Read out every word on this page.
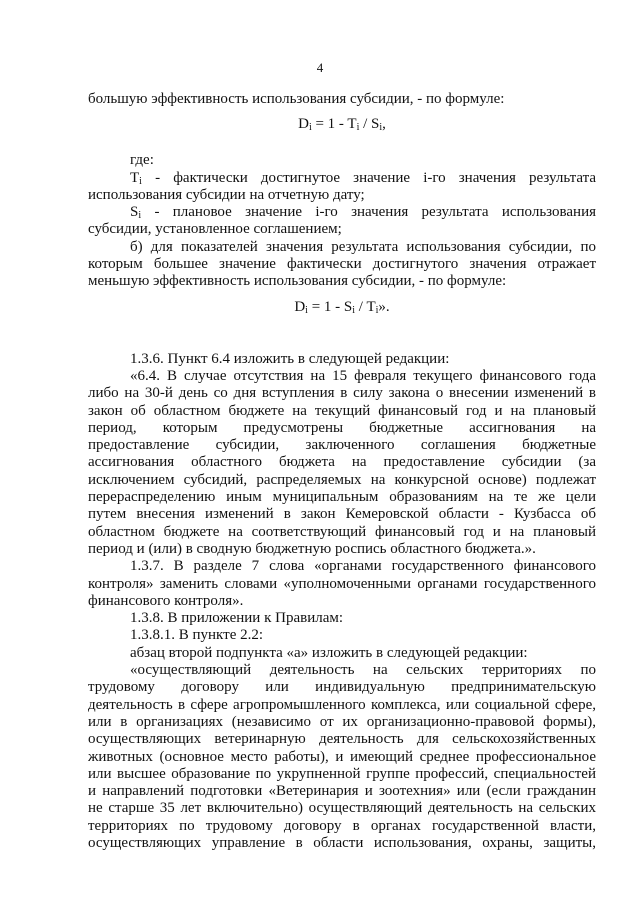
4
большую эффективность использования субсидии, - по формуле:
$D_i = 1 - T_i / S_i$,
где:
$T_i$ - фактически достигнутое значение i-го значения результата
использования субсидии на отчетную дату;
$S_i$ - плановое значение i-го значения результата использования
субсидии, установленное соглашением;
б) для показателей значения результата использования субсидии, по
которым большее значение фактически достигнутого значения отражает
меньшую эффективность использования субсидии, - по формуле:
$D_i = 1 - S_i / T_i$».
1.3.6. Пункт 6.4 изложить в следующей редакции:
«6.4. В случае отсутствия на 15 февраля текущего финансового года
либо на 30-й день со дня вступления в силу закона о внесении изменений в
закон об областном бюджете на текущий финансовый год и на плановый
период, которым предусмотрены бюджетные ассигнования на
предоставление субсидии, заключенного соглашения бюджетные
ассигнования областного бюджета на предоставление субсидии (за
исключением субсидий, распределяемых на конкурсной основе) подлежат
перераспределению иным муниципальным образованиям на те же цели
путем внесения изменений в закон Кемеровской области - Кузбасса об
областном бюджете на соответствующий финансовый год и на плановый
период и (или) в сводную бюджетную роспись областного бюджета.».
1.3.7. В разделе 7 слова «органами государственного финансового
контроля» заменить словами «уполномоченными органами государственного
финансового контроля».
1.3.8. В приложении к Правилам:
1.3.8.1. В пункте 2.2:
абзац второй подпункта «а» изложить в следующей редакции:
«осуществляющий деятельность на сельских территориях по
трудовому договору или индивидуальную предпринимательскую
деятельность в сфере агропромышленного комплекса, или социальной сфере,
или в организациях (независимо от их организационно-правовой формы),
осуществляющих ветеринарную деятельность для сельскохозяйственных
животных (основное место работы), и имеющий среднее профессиональное
или высшее образование по укрупненной группе профессий, специальностей
и направлений подготовки «Ветеринария и зоотехния» или (если гражданин
не старше 35 лет включительно) осуществляющий деятельность на сельских
территориях по трудовому договору в органах государственной власти,
осуществляющих управление в области использования, охраны, защиты,
